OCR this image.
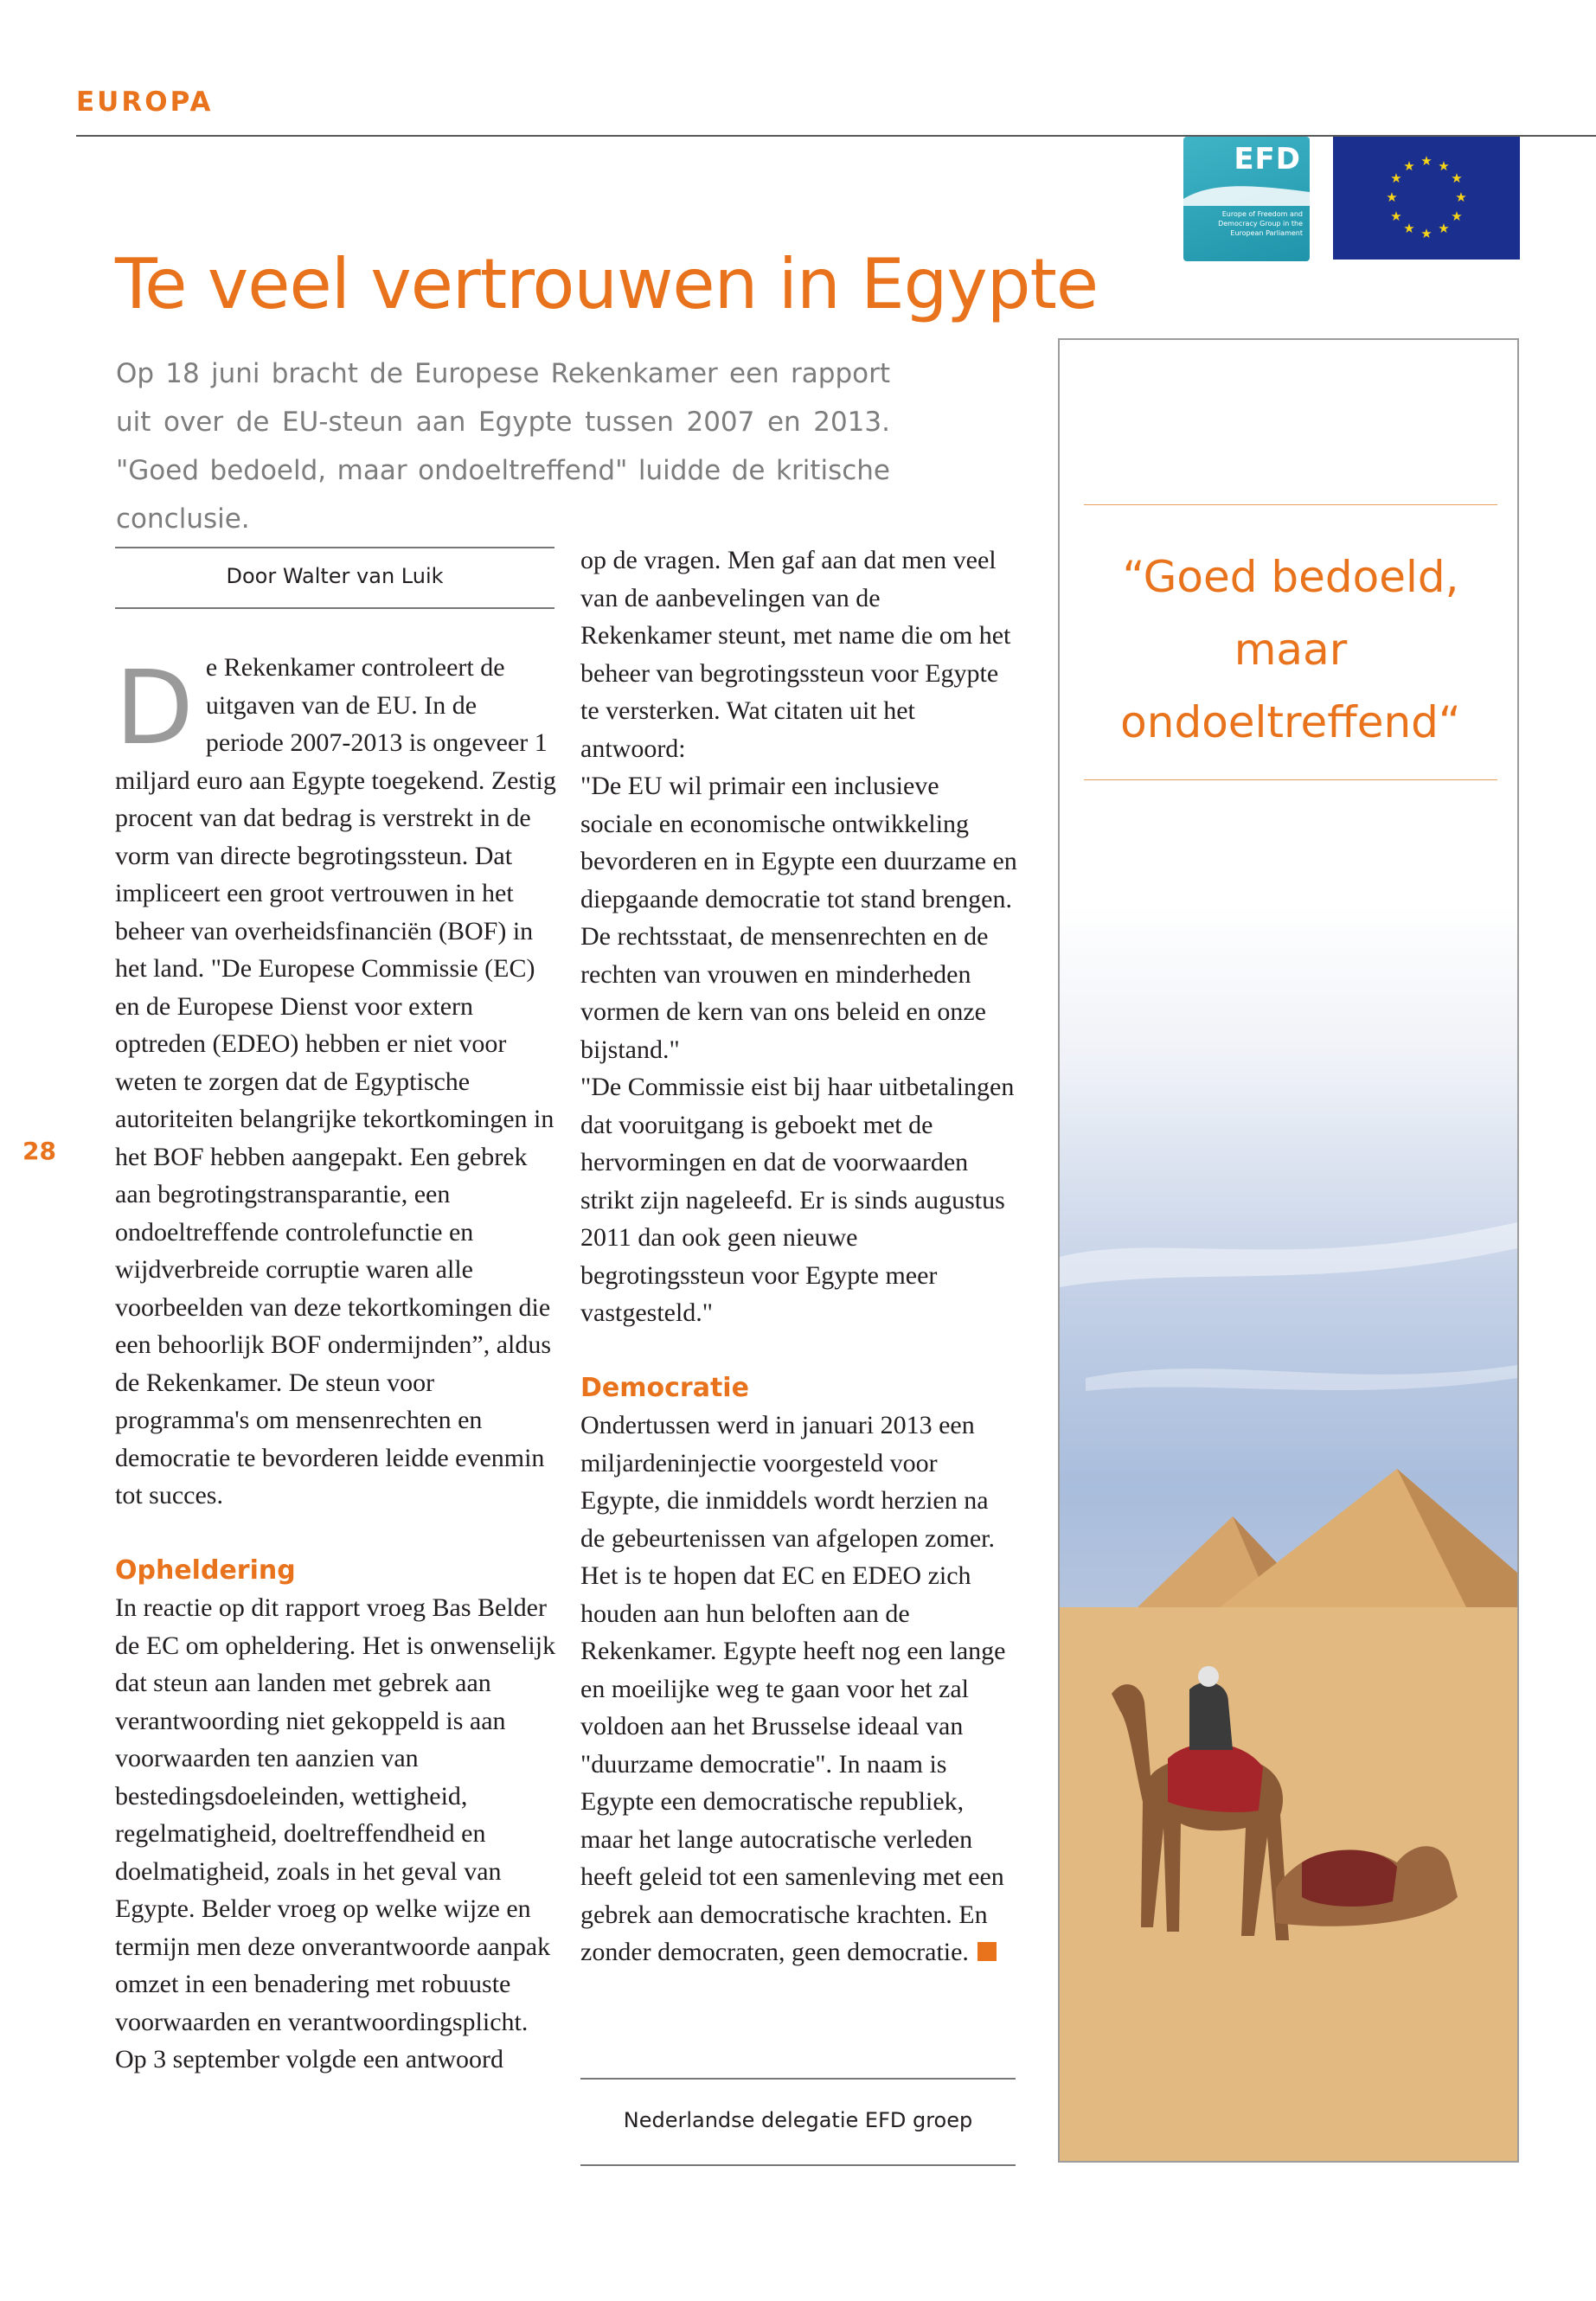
EUROPA
EFD
Europe of Freedom and Democracy Group in the European Parliament
★ ★
★
★
★
★
★
★
★
★
★
★
Te veel vertrouwen in Egypte
Op 18 juni bracht de Europese Rekenkamer een rapport uit over de EU-steun aan Egypte tussen 2007 en 2013. "Goed bedoeld, maar ondoeltreffend" luidde de kritische conclusie.
Door Walter van Luik
D e Rekenkamer controleert de uitgaven van de EU. In de periode 2007-2013 is ongeveer 1 miljard euro aan Egypte toegekend. Zestig procent van dat bedrag is verstrekt in de vorm van directe begrotingssteun. Dat impliceert een groot vertrouwen in het beheer van overheidsfinanciën (BOF) in het land. "De Europese Commissie (EC) en de Europese Dienst voor extern optreden (EDEO) hebben er niet voor weten te zorgen dat de Egyptische autoriteiten belangrijke tekortkomingen in het BOF hebben aangepakt. Een gebrek aan begrotingstransparantie, een ondoeltreffende controlefunctie en wijdverbreide corruptie waren alle voorbeelden van deze tekortkomingen die een behoorlijk BOF ondermijnden”, aldus de Rekenkamer. De steun voor programma's om mensenrechten en democratie te bevorderen leidde evenmin tot succes.

Opheldering

In reactie op dit rapport vroeg Bas Belder de EC om opheldering. Het is onwenselijk dat steun aan landen met gebrek aan verantwoording niet gekoppeld is aan voorwaarden ten aanzien van bestedingsdoeleinden, wettigheid, regelmatigheid, doeltreffendheid en doelmatigheid, zoals in het geval van Egypte. Belder vroeg op welke wijze en termijn men deze onverantwoorde aanpak omzet in een benadering met robuuste voorwaarden en verantwoordingsplicht.

Op 3 september volgde een antwoord

op de vragen. Men gaf aan dat men veel van de aanbevelingen van de Rekenkamer steunt, met name die om het beheer van begrotingssteun voor Egypte te versterken. Wat citaten uit het antwoord:

"De EU wil primair een inclusieve sociale en economische ontwikkeling bevorderen en in Egypte een duurzame en diepgaande democratie tot stand brengen. De rechtsstaat, de mensenrechten en de rechten van vrouwen en minderheden vormen de kern van ons beleid en onze bijstand."

"De Commissie eist bij haar uitbetalingen dat vooruitgang is geboekt met de hervormingen en dat de voorwaarden strikt zijn nageleefd. Er is sinds augustus 2011 dan ook geen nieuwe begrotingssteun voor Egypte meer vastgesteld."

Democratie

Ondertussen werd in januari 2013 een miljardeninjectie voorgesteld voor Egypte, die inmiddels wordt herzien na de gebeurtenissen van afgelopen zomer. Het is te hopen dat EC en EDEO zich houden aan hun beloften aan de Rekenkamer. Egypte heeft nog een lange en moeilijke weg te gaan voor het zal voldoen aan het Brusselse ideaal van "duurzame democratie". In naam is Egypte een democratische republiek, maar het lange autocratische verleden heeft geleid tot een samenleving met een gebrek aan democratische krachten. En zonder democraten, geen democratie.

Nederlandse delegatie EFD groep
28
“Goed bedoeld, maar ondoeltreffend“
